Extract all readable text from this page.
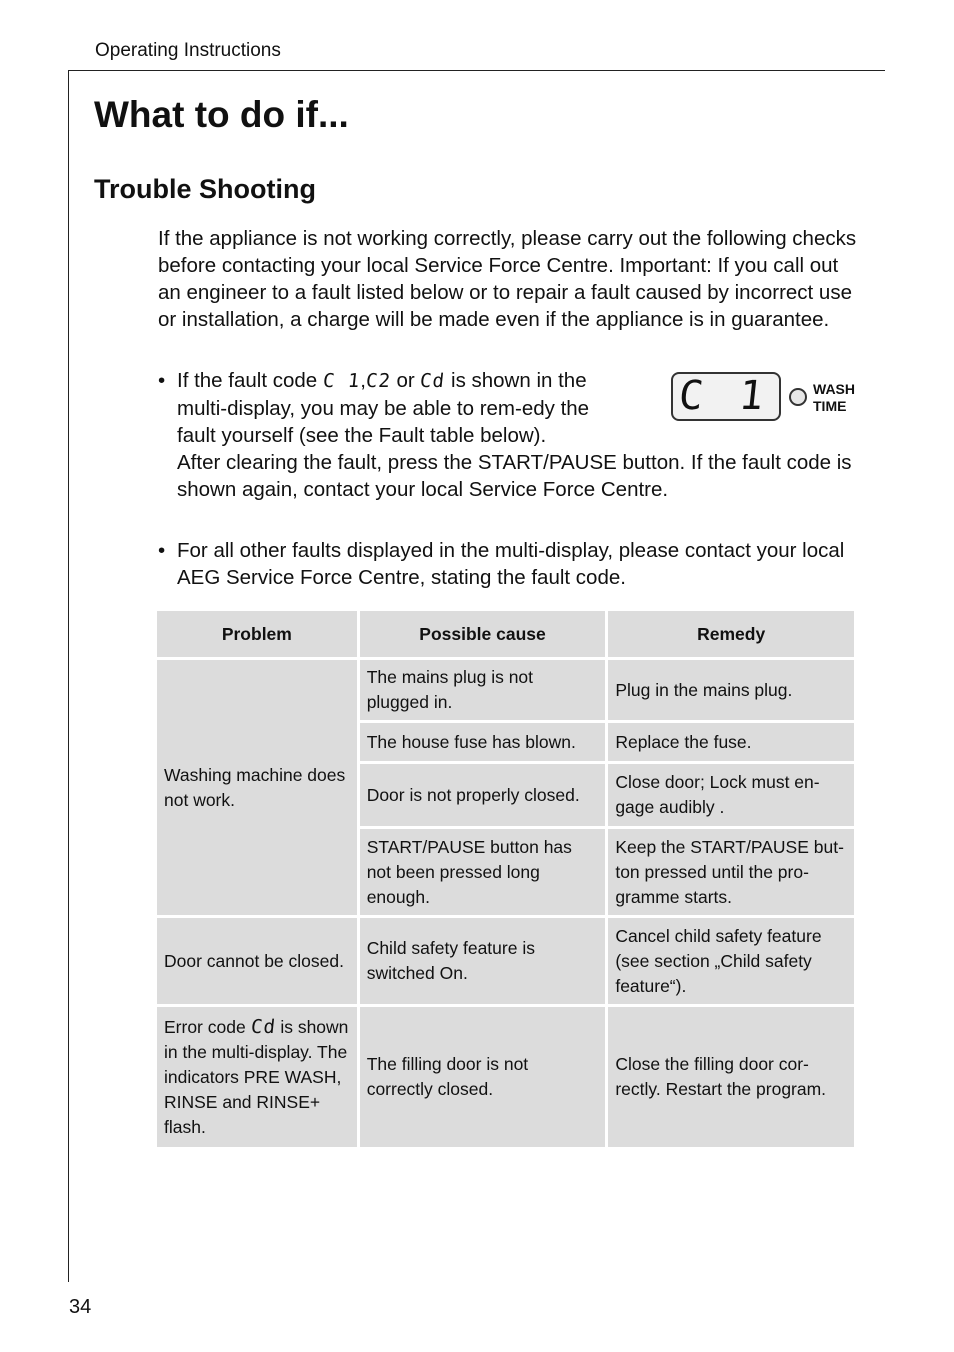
Operating Instructions
What to do if...
Trouble Shooting

If the appliance is not working correctly, please carry out the following checks before contacting your local Service Force Centre. Important: If you call out an engineer to a fault listed below or to repair a fault caused by incorrect use or installation, a charge will be made even if the appliance is in guarantee.

• If the fault code C 1,C2 or Cd is shown in the multi-display, you may be able to rem-edy the fault yourself (see the Fault table below).
After clearing the fault, press the START/PAUSE button. If the fault code is shown again, contact your local Service Force Centre.
C 1	WASH
TIME
• For all other faults displayed in the multi-display, please contact your local AEG Service Force Centre, stating the fault code.
Problem	Possible cause	Remedy
Washing machine does not work.	The mains plug is not plugged in.	Plug in the mains plug.
	The house fuse has blown.	Replace the fuse.
	Door is not properly closed.	Close door; Lock must en-gage audibly .
	START/PAUSE button has not been pressed long enough.	Keep the START/PAUSE but-ton pressed until the pro-gramme starts.
Door cannot be closed.	Child safety feature is switched On.	Cancel child safety feature (see section „Child safety feature“).
Error code Cd is shown in the multi-display. The indicators PRE WASH, RINSE and RINSE+ flash.	The filling door is not correctly closed.	Close the filling door cor-rectly. Restart the program.
34
